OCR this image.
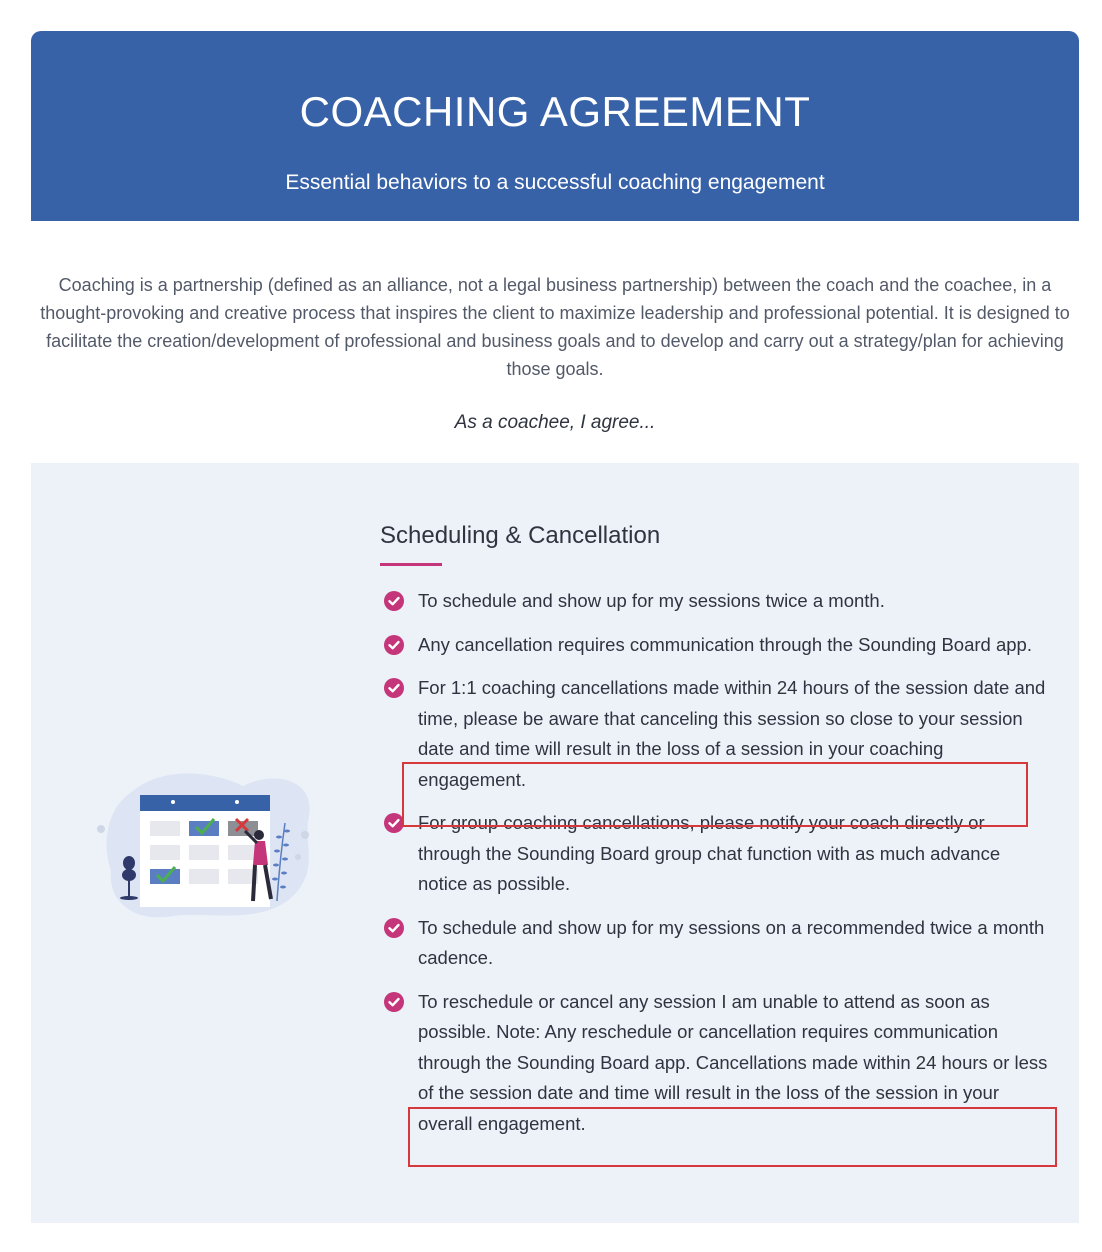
COACHING AGREEMENT
Essential behaviors to a successful coaching engagement
Coaching is a partnership (defined as an alliance, not a legal business partnership) between the coach and the coachee, in a thought-provoking and creative process that inspires the client to maximize leadership and professional potential. It is designed to facilitate the creation/development of professional and business goals and to develop and carry out a strategy/plan for achieving those goals.
As a coachee, I agree...
Scheduling & Cancellation
To schedule and show up for my sessions twice a month.
Any cancellation requires communication through the Sounding Board app.
For 1:1 coaching cancellations made within 24 hours of the session date and time, please be aware that canceling this session so close to your session date and time will result in the loss of a session in your coaching engagement.
For group coaching cancellations, please notify your coach directly or through the Sounding Board group chat function with as much advance notice as possible.
To schedule and show up for my sessions on a recommended twice a month cadence.
To reschedule or cancel any session I am unable to attend as soon as possible. Note: Any reschedule or cancellation requires communication through the Sounding Board app. Cancellations made within 24 hours or less of the session date and time will result in the loss of the session in your overall engagement.
